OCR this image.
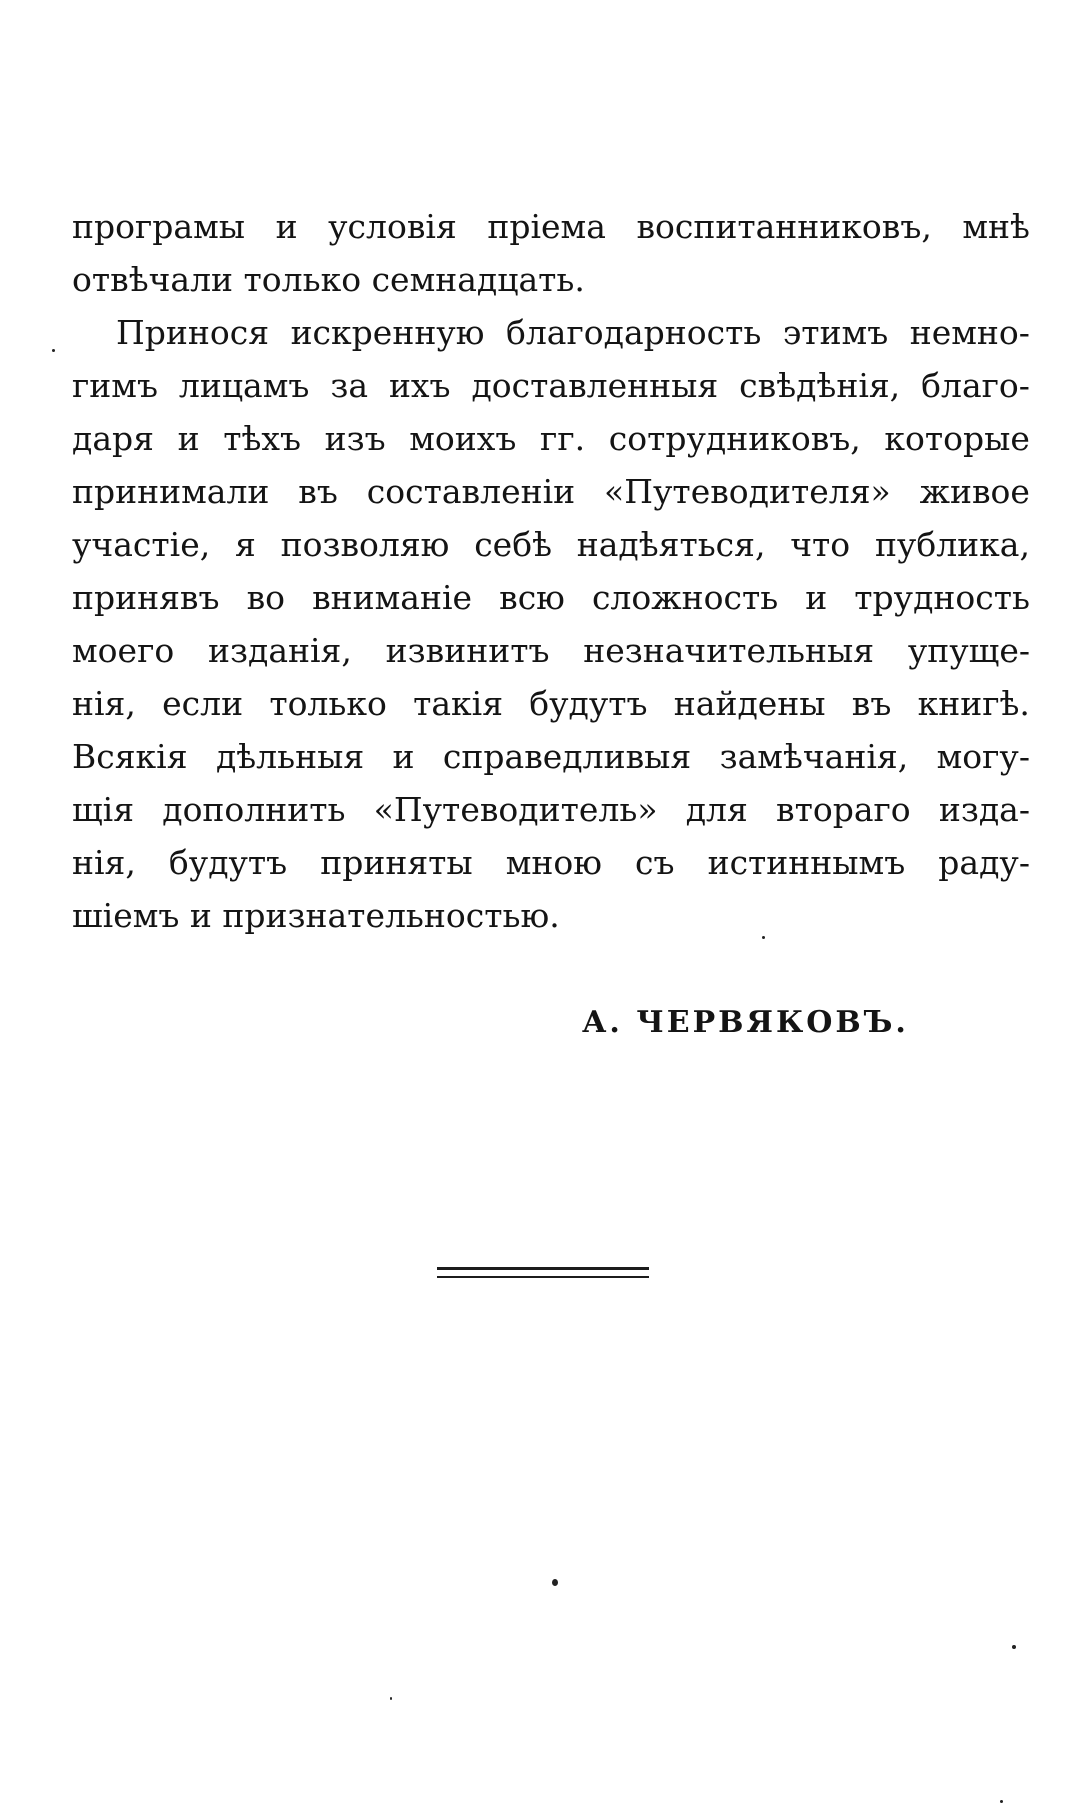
програмы и условія пріема воспитанниковъ, мнѣ
отвѣчали только семнадцать.
Принося искренную благодарность этимъ немно-
гимъ лицамъ за ихъ доставленныя свѣдѣнія, благо-
даря и тѣхъ изъ моихъ гг. сотрудниковъ, которые
принимали въ составленіи «Путеводителя» живое
участіе, я позволяю себѣ надѣяться, что публика,
принявъ во вниманіе всю сложность и трудность
моего изданія, извинитъ незначительныя упуще-
нія, если только такія будутъ найдены въ книгѣ.
Всякія дѣльныя и справедливыя замѣчанія, могу-
щія дополнить «Путеводитель» для втораго изда-
нія, будутъ приняты мною съ истиннымъ раду-
шіемъ и признательностью.
А. ЧЕРВЯКОВЪ.
